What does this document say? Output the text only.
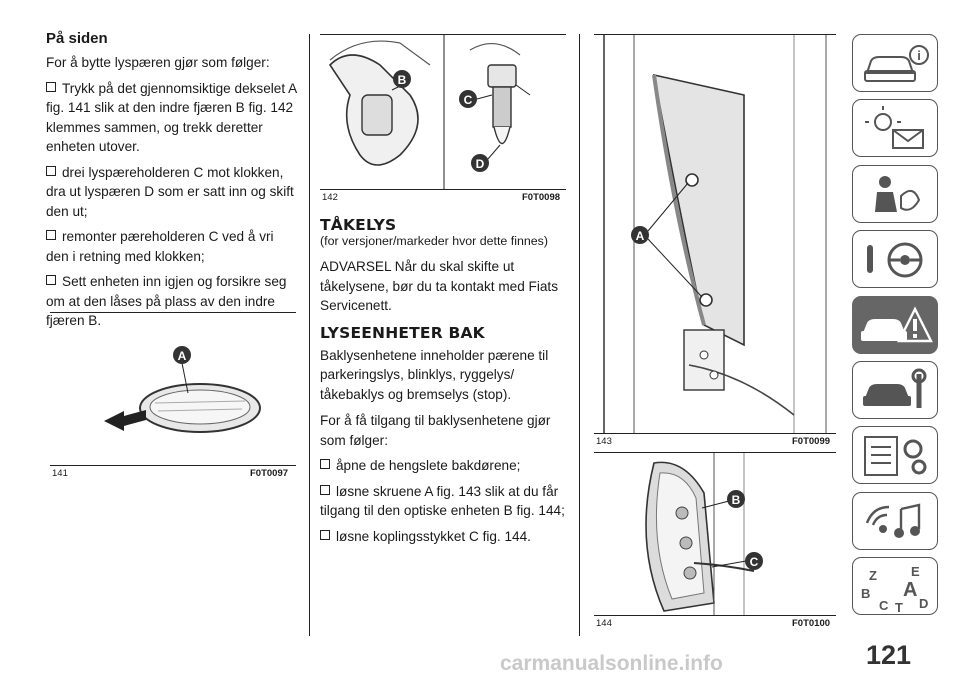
På siden

For å bytte lyspæren gjør som følger:

Trykk på det gjennomsiktige dekselet A fig. 141 slik at den indre fjæren B fig. 142 klemmes sammen, og trekk deretter enheten utover.

drei lyspæreholderen C mot klokken, dra ut lyspæren D som er satt inn og skift den ut;

remonter pæreholderen C ved å vri den i retning med klokken;

Sett enheten inn igjen og forsikre seg om at den låses på plass av den indre fjæren B.

A
141	F0T0097
B
C
D
142	F0T0098
TÅKELYS

(for versjoner/markeder hvor dette finnes)

ADVARSEL Når du skal skifte ut tåkelysene, bør du ta kontakt med Fiats Servicenett.

LYSEENHETER BAK

Baklysenhetene inneholder pærene til parkeringslys, blinklys, ryggelys/ tåkebaklys og bremselys (stop).

For å få tilgang til baklysenhetene gjør som følger:

åpne de hengslete bakdørene;

løsne skruene A fig. 143 slik at du får tilgang til den optiske enheten B fig. 144;

løsne koplingsstykket C fig. 144.

A
143	F0T0099
B
C
144	F0T0100
i
Z	E
B A
C T D
carmanualsonline.info	121
